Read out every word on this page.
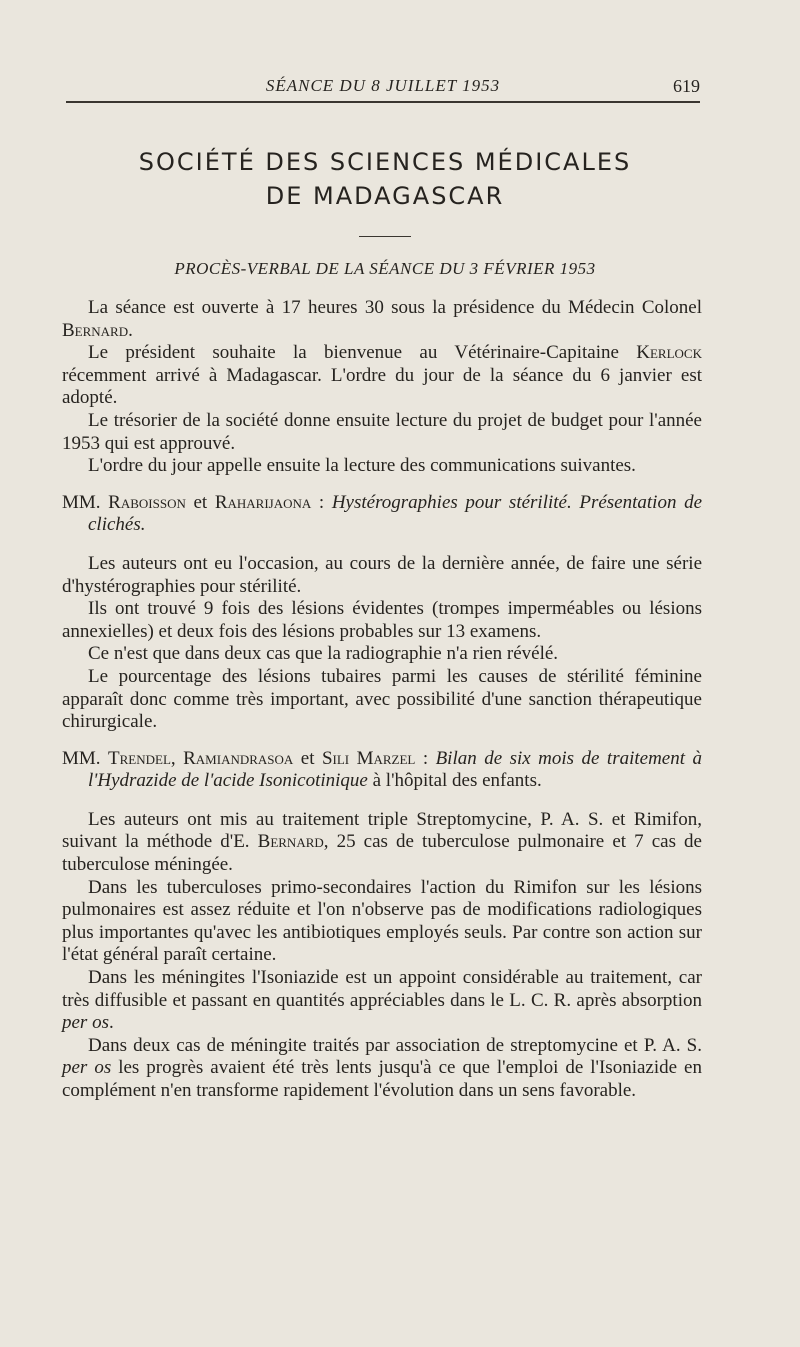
SÉANCE DU 8 JUILLET 1953	619
SOCIÉTÉ DES SCIENCES MÉDICALES
DE MADAGASCAR
PROCÈS-VERBAL DE LA SÉANCE DU 3 FÉVRIER 1953

La séance est ouverte à 17 heures 30 sous la présidence du Médecin Colonel Bernard.

Le président souhaite la bienvenue au Vétérinaire-Capitaine Kerlock récemment arrivé à Madagascar. L'ordre du jour de la séance du 6 janvier est adopté.

Le trésorier de la société donne ensuite lecture du projet de budget pour l'année 1953 qui est approuvé.

L'ordre du jour appelle ensuite la lecture des communications suivantes.

MM. Raboisson et Raharijaona : Hystérographies pour stérilité. Présentation de clichés.

Les auteurs ont eu l'occasion, au cours de la dernière année, de faire une série d'hystérographies pour stérilité.

Ils ont trouvé 9 fois des lésions évidentes (trompes imperméables ou lésions annexielles) et deux fois des lésions probables sur 13 examens.

Ce n'est que dans deux cas que la radiographie n'a rien révélé.

Le pourcentage des lésions tubaires parmi les causes de stérilité féminine apparaît donc comme très important, avec possibilité d'une sanction thérapeutique chirurgicale.

MM. Trendel, Ramiandrasoa et Sili Marzel : Bilan de six mois de traitement à l'Hydrazide de l'acide Isonicotinique à l'hôpital des enfants.

Les auteurs ont mis au traitement triple Streptomycine, P. A. S. et Rimifon, suivant la méthode d'E. Bernard, 25 cas de tuberculose pulmonaire et 7 cas de tuberculose méningée.

Dans les tuberculoses primo-secondaires l'action du Rimifon sur les lésions pulmonaires est assez réduite et l'on n'observe pas de modifications radiologiques plus importantes qu'avec les antibiotiques employés seuls. Par contre son action sur l'état général paraît certaine.

Dans les méningites l'Isoniazide est un appoint considérable au traitement, car très diffusible et passant en quantités appréciables dans le L. C. R. après absorption per os.

Dans deux cas de méningite traités par association de streptomycine et P. A. S. per os les progrès avaient été très lents jusqu'à ce que l'emploi de l'Isoniazide en complément n'en transforme rapidement l'évolution dans un sens favorable.
